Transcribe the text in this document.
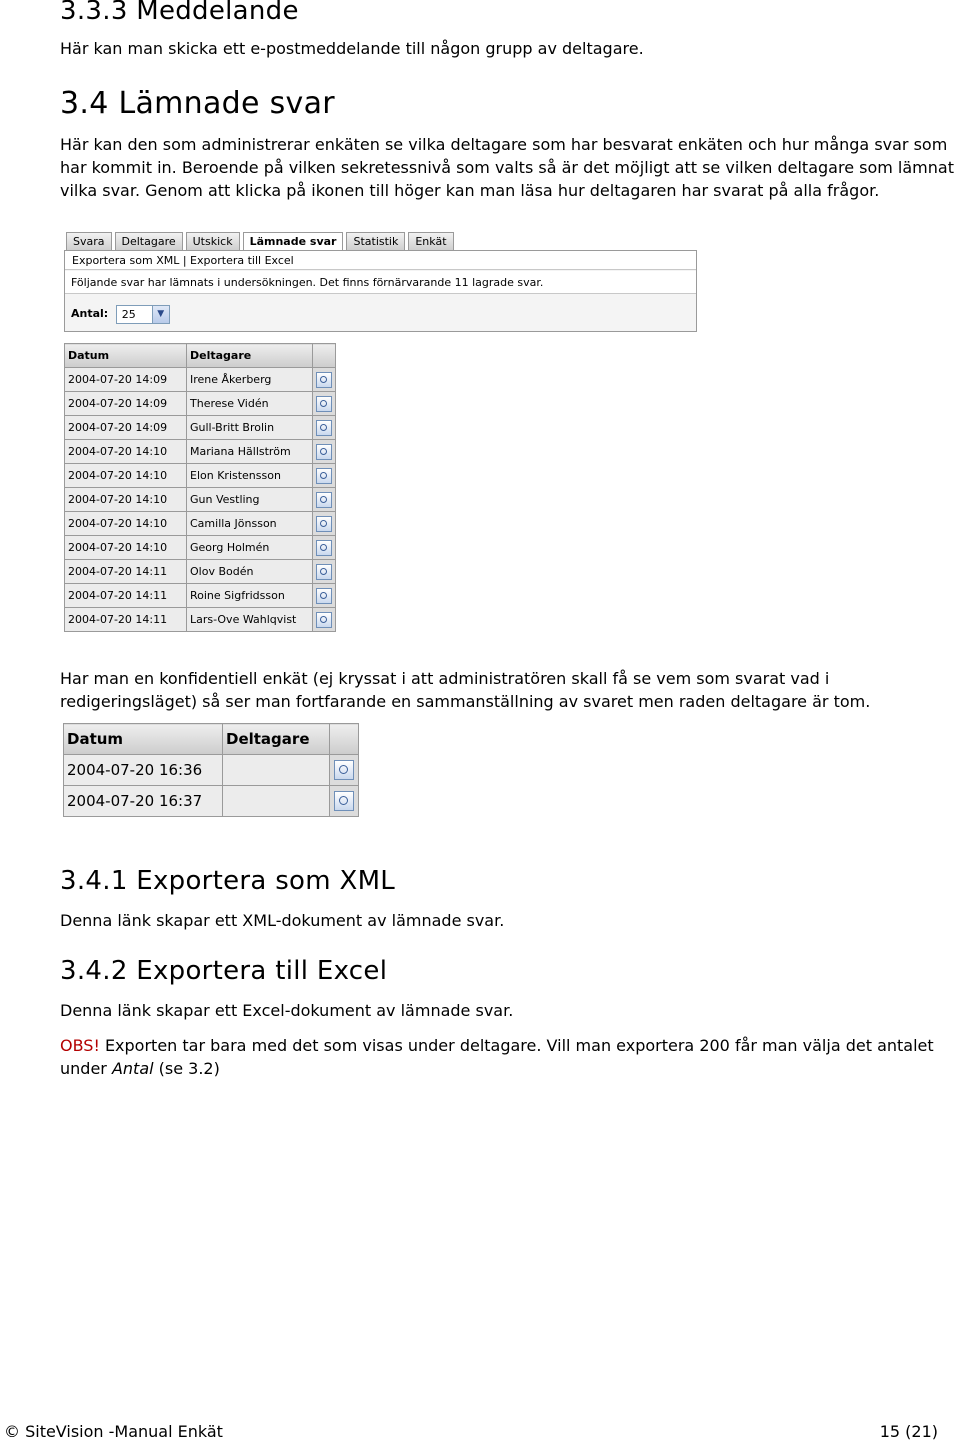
3.3.3 Meddelande
Här kan man skicka ett e-postmeddelande till någon grupp av deltagare.
3.4 Lämnade svar
Här kan den som administrerar enkäten se vilka deltagare som har besvarat enkäten och hur många svar som
har kommit in. Beroende på vilken sekretessnivå som valts så är det möjligt att se vilken deltagare som lämnat
vilka svar. Genom att klicka på ikonen till höger kan man läsa hur deltagaren har svarat på alla frågor.
Svara	Deltagare	Utskick	Lämnade svar	Statistik	Enkät
Exportera som XML | Exportera till Excel
Följande svar har lämnats i undersökningen. Det finns förnärvarande 11 lagrade svar.
Antal: 25	▼
Datum	Deltagare	
2004-07-20 14:09	Irene Åkerberg	
2004-07-20 14:09	Therese Vidén	
2004-07-20 14:09	Gull-Britt Brolin	
2004-07-20 14:10	Mariana Hällström	
2004-07-20 14:10	Elon Kristensson	
2004-07-20 14:10	Gun Vestling	
2004-07-20 14:10	Camilla Jönsson	
2004-07-20 14:10	Georg Holmén	
2004-07-20 14:11	Olov Bodén	
2004-07-20 14:11	Roine Sigfridsson	
2004-07-20 14:11	Lars-Ove Wahlqvist	
Har man en konfidentiell enkät (ej kryssat i att administratören skall få se vem som svarat vad i
redigeringsläget) så ser man fortfarande en sammanställning av svaret men raden deltagare är tom.
Datum	Deltagare	
2004-07-20 16:36		
2004-07-20 16:37		
3.4.1 Exportera som XML
Denna länk skapar ett XML-dokument av lämnade svar.
3.4.2 Exportera till Excel
Denna länk skapar ett Excel-dokument av lämnade svar.
OBS! Exporten tar bara med det som visas under deltagare. Vill man exportera 200 får man välja det antalet
under Antal (se 3.2)
© SiteVision -Manual Enkät	15 (21)
